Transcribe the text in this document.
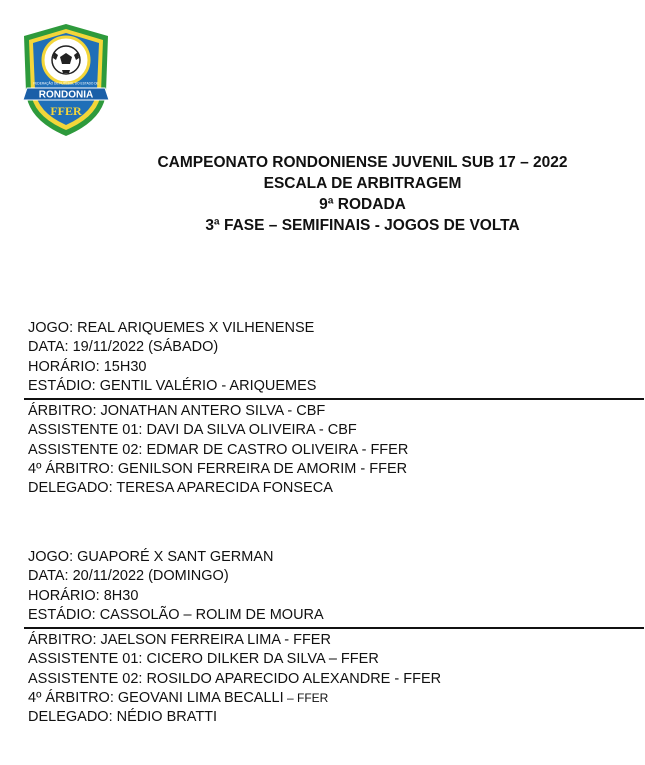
FEDERAÇÃO DE FUTEBOL DO ESTADO DE
RONDONIA
FFER
CAMPEONATO RONDONIENSE JUVENIL SUB 17 – 2022
ESCALA DE ARBITRAGEM
9ª RODADA
3ª FASE – SEMIFINAIS - JOGOS DE VOLTA
JOGO: REAL ARIQUEMES X VILHENENSE
DATA: 19/11/2022 (SÁBADO)
HORÁRIO: 15H30
ESTÁDIO: GENTIL VALÉRIO - ARIQUEMES
ÁRBITRO: JONATHAN ANTERO SILVA - CBF
ASSISTENTE 01: DAVI DA SILVA OLIVEIRA - CBF
ASSISTENTE 02: EDMAR DE CASTRO OLIVEIRA - FFER
4º ÁRBITRO: GENILSON FERREIRA DE AMORIM - FFER
DELEGADO: TERESA APARECIDA FONSECA
JOGO: GUAPORÉ X SANT GERMAN
DATA: 20/11/2022 (DOMINGO)
HORÁRIO: 8H30
ESTÁDIO: CASSOLÃO – ROLIM DE MOURA
ÁRBITRO: JAELSON FERREIRA LIMA - FFER
ASSISTENTE 01: CICERO DILKER DA SILVA – FFER
ASSISTENTE 02: ROSILDO APARECIDO ALEXANDRE - FFER
4º ÁRBITRO: GEOVANI LIMA BECALLI – FFER
DELEGADO: NÉDIO BRATTI
